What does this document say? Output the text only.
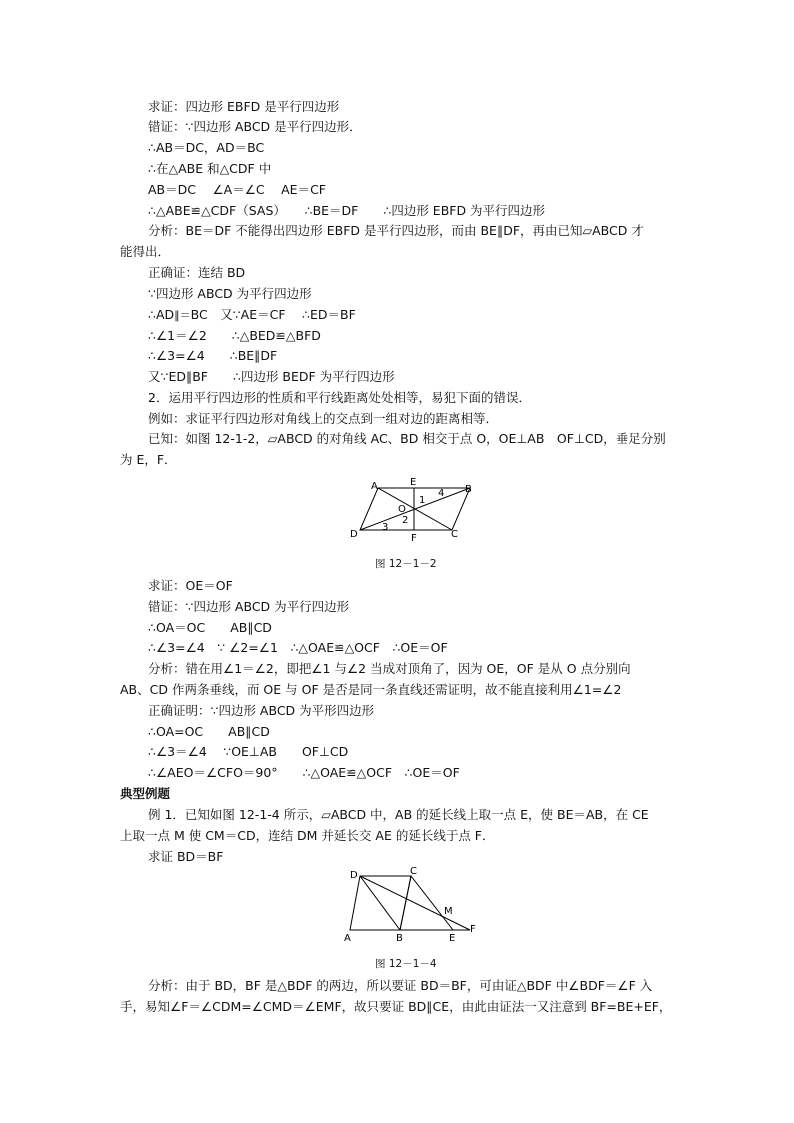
求证：四边形 EBFD 是平行四边形
错证：∵四边形 ABCD 是平行四边形．
∴AB＝DC，AD＝BC
∴在△ABE 和△CDF 中
AB＝DC　 ∠A＝∠C　 AE＝CF
∴△ABE≌△CDF（SAS）　　∴BE＝DF　　∴四边形 EBFD 为平行四边形
分析：BE＝DF 不能得出四边形 EBFD 是平行四边形，而由 BE∥DF，再由已知▱ABCD 才
能得出．
正确证：连结 BD
∵四边形 ABCD 为平行四边形
∴AD∥＝BC　又∵AE＝CF　 ∴ED＝BF
∴∠1＝∠2　　∴△BED≌△BFD
∴∠3=∠4　　∴BE∥DF
又∵ED∥BF　　∴四边形 BEDF 为平行四边形
2．运用平行四边形的性质和平行线距离处处相等，易犯下面的错误．
例如：求证平行四边形对角线上的交点到一组对边的距离相等．
已知：如图 12-1-2，▱ABCD 的对角线 AC、BD 相交于点 O，OE⊥AB　OF⊥CD，垂足分别
为 E，F．
A	E
B
D	F	C
O
1
2
3
4
图 12－1－2
求证：OE＝OF
错证：∵四边形 ABCD 为平行四边形
∴OA＝OC　　AB∥CD
∴∠3=∠4　∵ ∠2=∠1　∴△OAE≌△OCF　∴OE＝OF
分析：错在用∠1＝∠2，即把∠1 与∠2 当成对顶角了，因为 OE，OF 是从 O 点分别向
AB、CD 作两条垂线，而 OE 与 OF 是否是同一条直线还需证明，故不能直接利用∠1=∠2
正确证明：∵四边形 ABCD 为平形四边形
∴OA=OC　　AB∥CD
∴∠3＝∠4　 ∵OE⊥AB　　OF⊥CD
∴∠AEO＝∠CFO＝90°　　∴△OAE≌△OCF　∴OE＝OF
典型例题
例 1．已知如图 12-1-4 所示，▱ABCD 中，AB 的延长线上取一点 E，使 BE＝AB，在 CE
上取一点 M 使 CM＝CD，连结 DM 并延长交 AE 的延长线于点 F．
求证 BD＝BF
D	C
M
F
A	B	E
图 12－1－4
分析：由于 BD，BF 是△BDF 的两边，所以要证 BD＝BF，可由证△BDF 中∠BDF＝∠F 入
手，易知∠F＝∠CDM=∠CMD＝∠EMF，故只要证 BD∥CE，由此由证法一又注意到 BF=BE+EF，
